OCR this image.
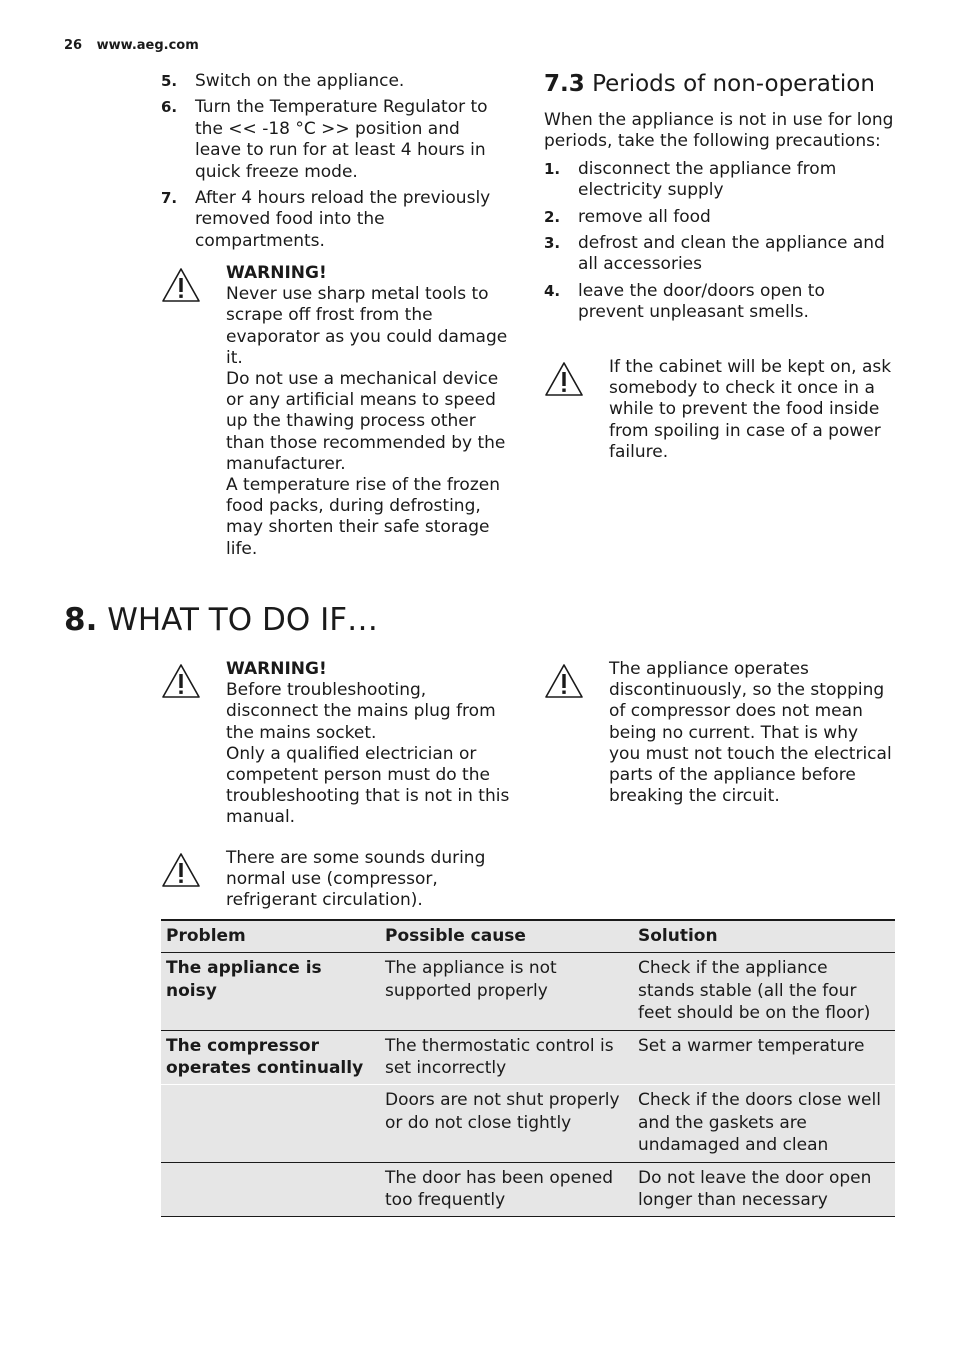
26 www.aeg.com
5. Switch on the appliance.
6. Turn the Temperature Regulator to the << -18 °C >> position and leave to run for at least 4 hours in quick freeze mode.
7. After 4 hours reload the previously removed food into the compartments.
WARNING!
Never use sharp metal tools to scrape off frost from the evaporator as you could damage it.
Do not use a mechanical device or any artificial means to speed up the thawing process other than those recommended by the manufacturer.
A temperature rise of the frozen food packs, during defrosting, may shorten their safe storage life.
7.3 Periods of non-operation

When the appliance is not in use for long periods, take the following precautions:

1. disconnect the appliance from electricity supply
2. remove all food
3. defrost and clean the appliance and all accessories
4. leave the door/doors open to prevent unpleasant smells.
If the cabinet will be kept on, ask somebody to check it once in a while to prevent the food inside from spoiling in case of a power failure.
8. WHAT TO DO IF…
WARNING!
Before troubleshooting, disconnect the mains plug from the mains socket.
Only a qualified electrician or competent person must do the troubleshooting that is not in this manual.
There are some sounds during normal use (compressor, refrigerant circulation).
The appliance operates discontinuously, so the stopping of compressor does not mean being no current. That is why you must not touch the electrical parts of the appliance before breaking the circuit.
Problem	Possible cause	Solution
The appliance is noisy	The appliance is not supported properly	Check if the appliance stands stable (all the four feet should be on the floor)
The compressor operates continually	The thermostatic control is set incorrectly	Set a warmer temperature
	Doors are not shut properly or do not close tightly	Check if the doors close well and the gaskets are undamaged and clean
	The door has been opened too frequently	Do not leave the door open longer than necessary
